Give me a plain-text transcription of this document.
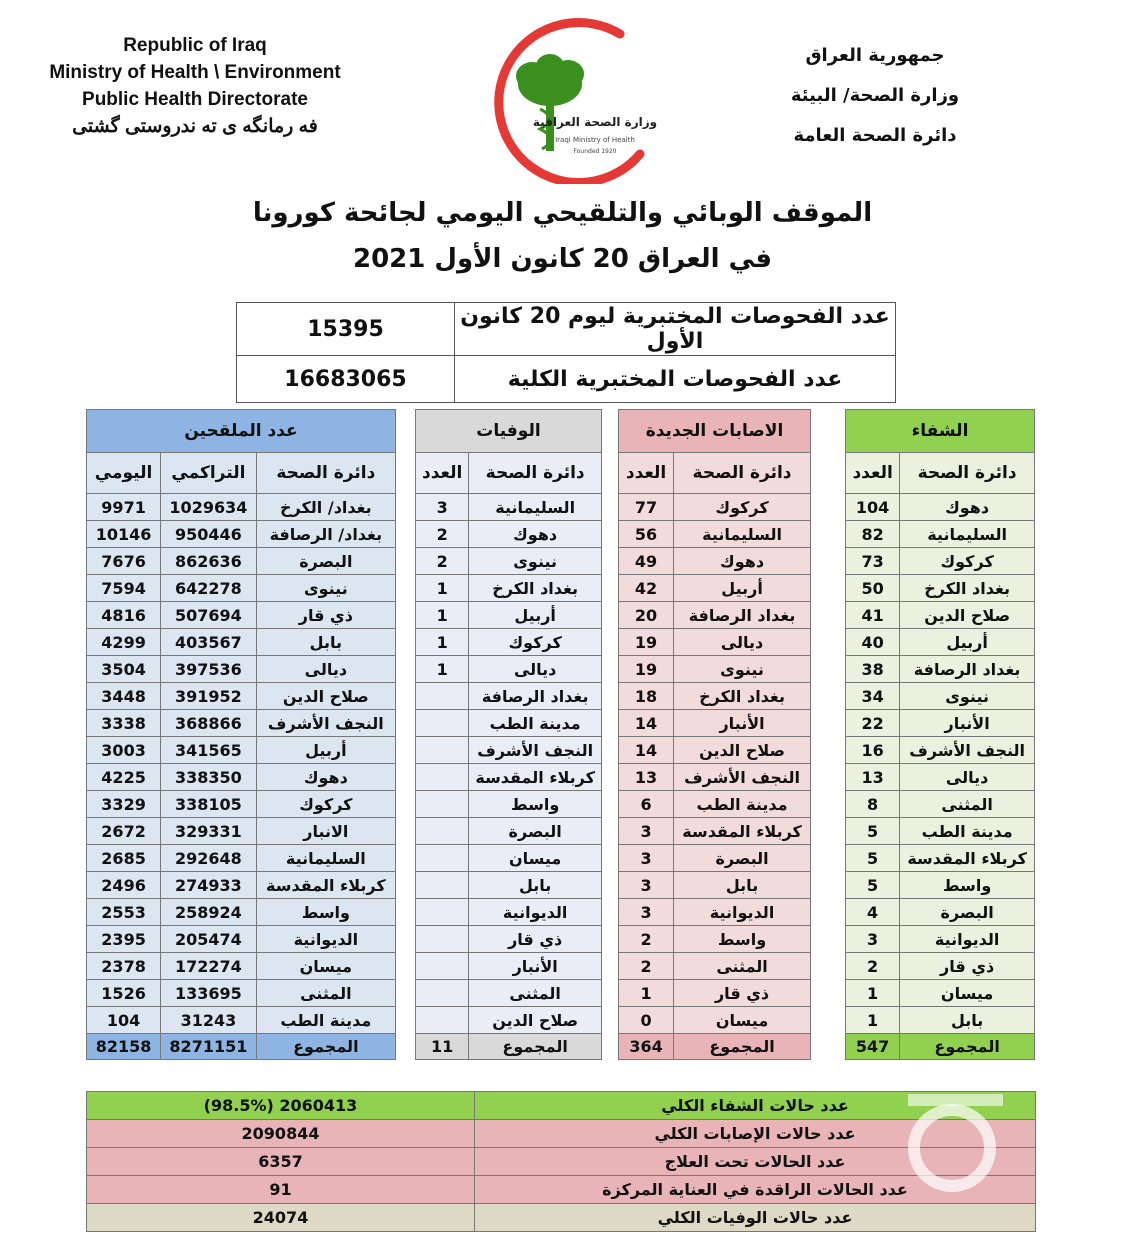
Republic of Iraq
Ministry of Health \ Environment
Public Health Directorate
فه رمانگه ى ته ندروستى گشتى	وزارة الصحة العراقية
Iraqi Ministry of Health
Founded 1920
جمهورية العراق
وزارة الصحة/ البيئة
دائرة الصحة العامة
الموقف الوبائي والتلقيحي اليومي لجائحة كورونا
في العراق 20 كانون الأول 2021
15395	عدد الفحوصات المختبرية ليوم 20 كانون الأول
16683065	عدد الفحوصات المختبرية الكلية
عدد الملقحين		
اليومي	التراكمي	دائرة الصحة
9971	1029634	بغداد/ الكرخ
10146	950446	بغداد/ الرصافة
7676	862636	البصرة
7594	642278	نينوى
4816	507694	ذي قار
4299	403567	بابل
3504	397536	ديالى
3448	391952	صلاح الدين
3338	368866	النجف الأشرف
3003	341565	أربيل
4225	338350	دهوك
3329	338105	كركوك
2672	329331	الانبار
2685	292648	السليمانية
2496	274933	كربلاء المقدسة
2553	258924	واسط
2395	205474	الديوانية
2378	172274	ميسان
1526	133695	المثنى
104	31243	مدينة الطب
82158	8271151	المجموع
الوفيات	
العدد	دائرة الصحة
3	السليمانية
2	دهوك
2	نينوى
1	بغداد الكرخ
1	أربيل
1	كركوك
1	ديالى
	بغداد الرصافة
	مدينة الطب
	النجف الأشرف
	كربلاء المقدسة
	واسط
	البصرة
	ميسان
	بابل
	الديوانية
	ذي قار
	الأنبار
	المثنى
	صلاح الدين
11	المجموع
الاصابات الجديدة	
العدد	دائرة الصحة
77	كركوك
56	السليمانية
49	دهوك
42	أربيل
20	بغداد الرصافة
19	ديالى
19	نينوى
18	بغداد الكرخ
14	الأنبار
14	صلاح الدين
13	النجف الأشرف
6	مدينة الطب
3	كربلاء المقدسة
3	البصرة
3	بابل
3	الديوانية
2	واسط
2	المثنى
1	ذي قار
0	ميسان
364	المجموع
الشفاء	
العدد	دائرة الصحة
104	دهوك
82	السليمانية
73	كركوك
50	بغداد الكرخ
41	صلاح الدين
40	أربيل
38	بغداد الرصافة
34	نينوى
22	الأنبار
16	النجف الأشرف
13	ديالى
8	المثنى
5	مدينة الطب
5	كربلاء المقدسة
5	واسط
4	البصرة
3	الديوانية
2	ذي قار
1	ميسان
1	بابل
547	المجموع
(98.5%) 2060413	عدد حالات الشفاء الكلي
2090844	عدد حالات الإصابات الكلي
6357	عدد الحالات تحت العلاج
91	عدد الحالات الراقدة في العناية المركزة
24074	عدد حالات الوفيات الكلي
